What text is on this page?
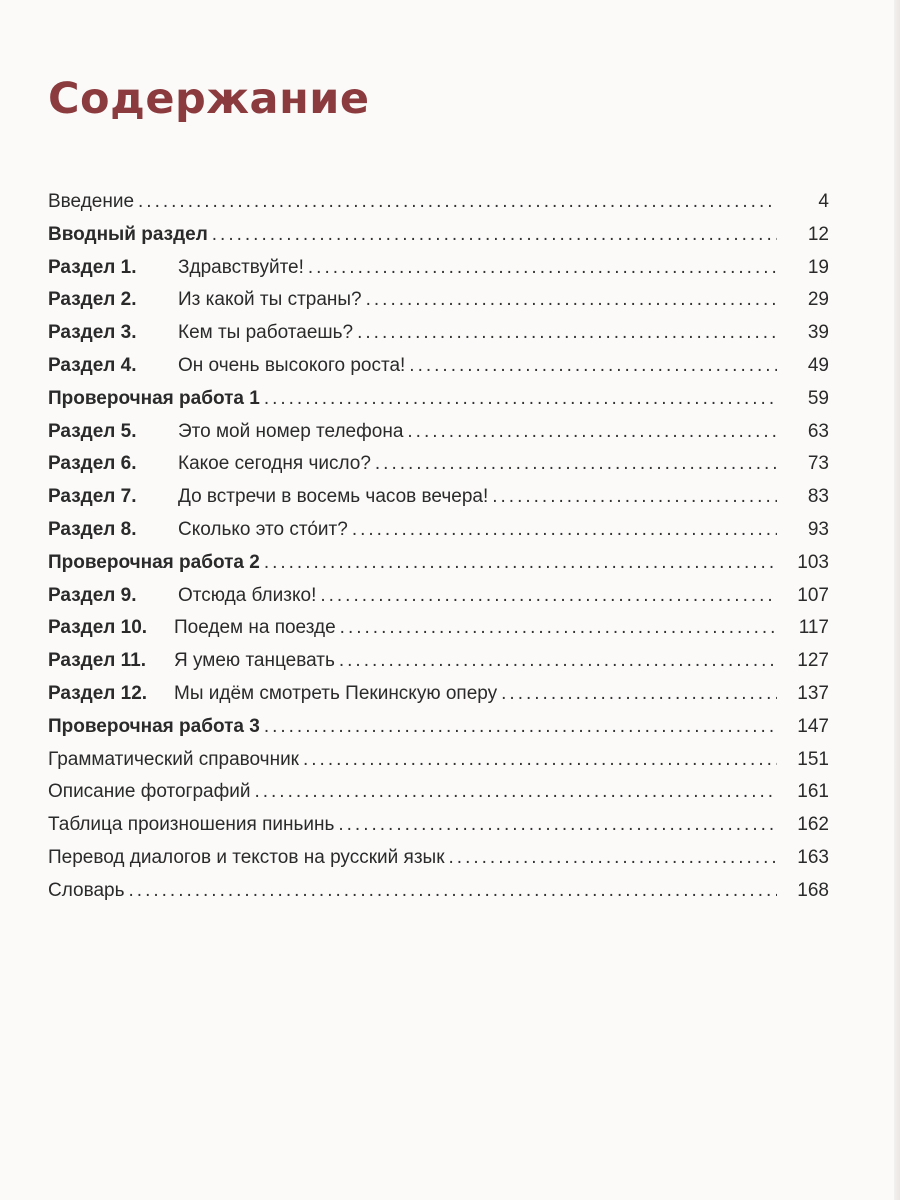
Содержание
Введение .....	4
Вводный раздел .....	12
Раздел 1.	Здравствуйте! .....	19
Раздел 2.	Из какой ты страны? .....	29
Раздел 3.	Кем ты работаешь? .....	39
Раздел 4.	Он очень высокого роста! .....	49
Проверочная работа 1 .....	59
Раздел 5.	Это мой номер телефона .....	63
Раздел 6.	Какое сегодня число? .....	73
Раздел 7.	До встречи в восемь часов вечера! .....	83
Раздел 8.	Сколько это сто́ит? .....	93
Проверочная работа 2 .....	103
Раздел 9.	Отсюда близко! .....	107
Раздел 10.	Поедем на поезде .....	117
Раздел 11.	Я умею танцевать .....	127
Раздел 12.	Мы идём смотреть Пекинскую оперу .....	137
Проверочная работа 3 .....	147
Грамматический справочник .....	151
Описание фотографий .....	161
Таблица произношения пиньинь .....	162
Перевод диалогов и текстов на русский язык .....	163
Словарь .....	168
